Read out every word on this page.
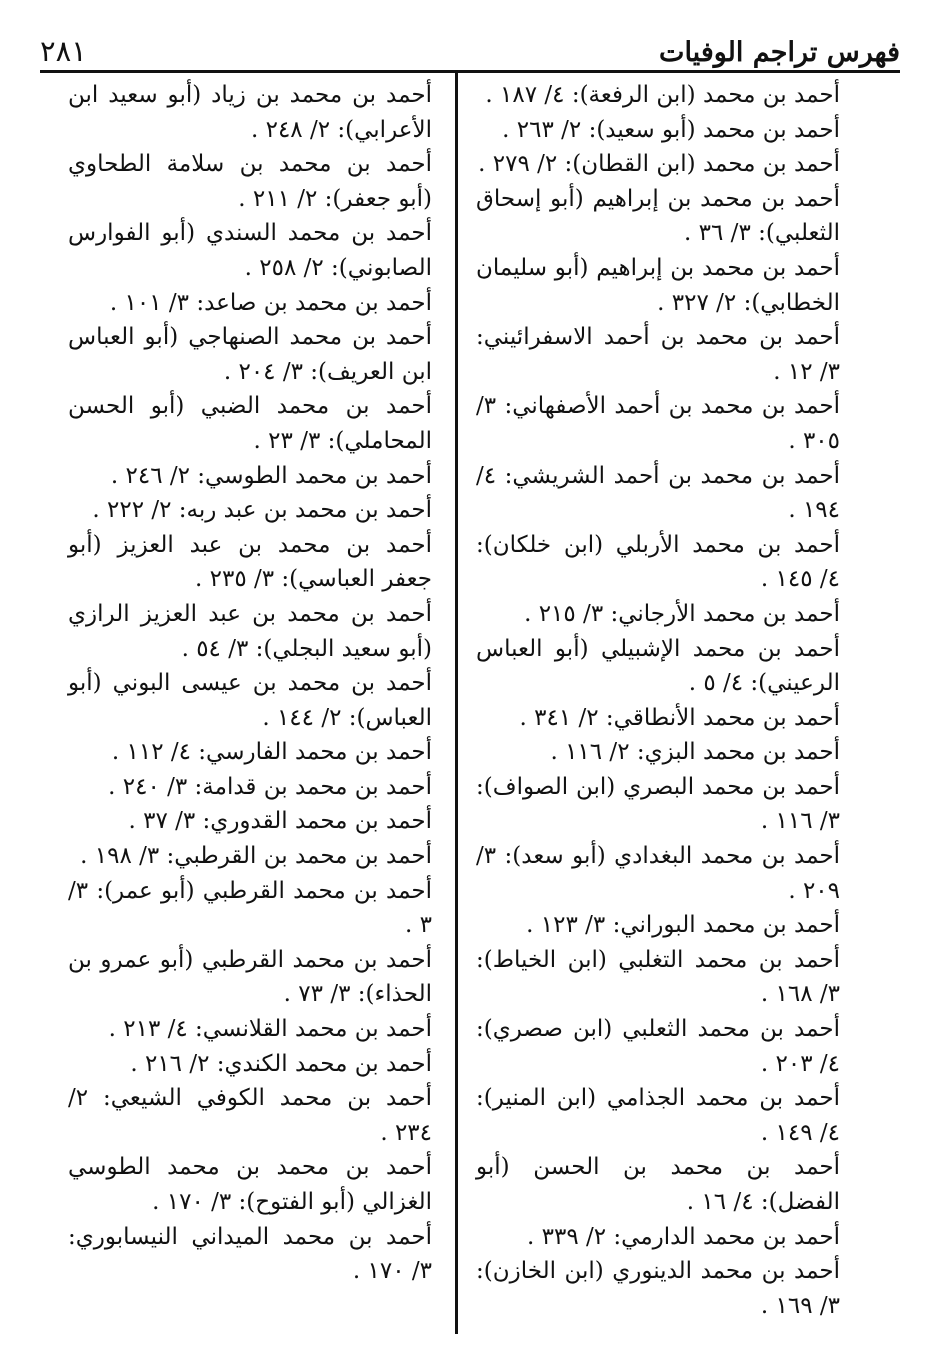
٢٨١	فهرس تراجم الوفيات

أحمد بن محمد (ابن الرفعة): ٤/ ١٨٧ .

أحمد بن محمد (أبو سعيد): ٢/ ٢٦٣ .

أحمد بن محمد (ابن القطان): ٢/ ٢٧٩ .

أحمد بن محمد بن إبراهيم (أبو إسحاق الثعلبي): ٣/ ٣٦ .

أحمد بن محمد بن إبراهيم (أبو سليمان الخطابي): ٢/ ٣٢٧ .

أحمد بن محمد بن أحمد الاسفرائيني: ٣/ ١٢ .

أحمد بن محمد بن أحمد الأصفهاني: ٣/ ٣٠٥ .

أحمد بن محمد بن أحمد الشريشي: ٤/ ١٩٤ .

أحمد بن محمد الأربلي (ابن خلكان): ٤/ ١٤٥ .

أحمد بن محمد الأرجاني: ٣/ ٢١٥ .

أحمد بن محمد الإشبيلي (أبو العباس الرعيني): ٤/ ٥ .

أحمد بن محمد الأنطاقي: ٢/ ٣٤١ .

أحمد بن محمد البزي: ٢/ ١١٦ .

أحمد بن محمد البصري (ابن الصواف): ٣/ ١١٦ .

أحمد بن محمد البغدادي (أبو سعد): ٣/ ٢٠٩ .

أحمد بن محمد البوراني: ٣/ ١٢٣ .

أحمد بن محمد التغلبي (ابن الخياط): ٣/ ١٦٨ .

أحمد بن محمد الثعلبي (ابن صصري): ٤/ ٢٠٣ .

أحمد بن محمد الجذامي (ابن المنير): ٤/ ١٤٩ .

أحمد بن محمد بن الحسن (أبو الفضل): ٤/ ١٦ .

أحمد بن محمد الدارمي: ٢/ ٣٣٩ .

أحمد بن محمد الدينوري (ابن الخازن): ٣/ ١٦٩ .

أحمد بن محمد بن زياد (أبو سعيد ابن الأعرابي): ٢/ ٢٤٨ .

أحمد بن محمد بن سلامة الطحاوي (أبو جعفر): ٢/ ٢١١ .

أحمد بن محمد السندي (أبو الفوارس الصابوني): ٢/ ٢٥٨ .

أحمد بن محمد بن صاعد: ٣/ ١٠١ .

أحمد بن محمد الصنهاجي (أبو العباس ابن العريف): ٣/ ٢٠٤ .

أحمد بن محمد الضبي (أبو الحسن المحاملي): ٣/ ٢٣ .

أحمد بن محمد الطوسي: ٢/ ٢٤٦ .

أحمد بن محمد بن عبد ربه: ٢/ ٢٢٢ .

أحمد بن محمد بن عبد العزيز (أبو جعفر العباسي): ٣/ ٢٣٥ .

أحمد بن محمد بن عبد العزيز الرازي (أبو سعيد البجلي): ٣/ ٥٤ .

أحمد بن محمد بن عيسى البوني (أبو العباس): ٢/ ١٤٤ .

أحمد بن محمد الفارسي: ٤/ ١١٢ .

أحمد بن محمد بن قدامة: ٣/ ٢٤٠ .

أحمد بن محمد القدوري: ٣/ ٣٧ .

أحمد بن محمد بن القرطبي: ٣/ ١٩٨ .

أحمد بن محمد القرطبي (أبو عمر): ٣/ ٣ .

أحمد بن محمد القرطبي (أبو عمرو بن الحذاء): ٣/ ٧٣ .

أحمد بن محمد القلانسي: ٤/ ٢١٣ .

أحمد بن محمد الكندي: ٢/ ٢١٦ .

أحمد بن محمد الكوفي الشيعي: ٢/ ٢٣٤ .

أحمد بن محمد بن محمد الطوسي الغزالي (أبو الفتوح): ٣/ ١٧٠ .

أحمد بن محمد الميداني النيسابوري: ٣/ ١٧٠ .
